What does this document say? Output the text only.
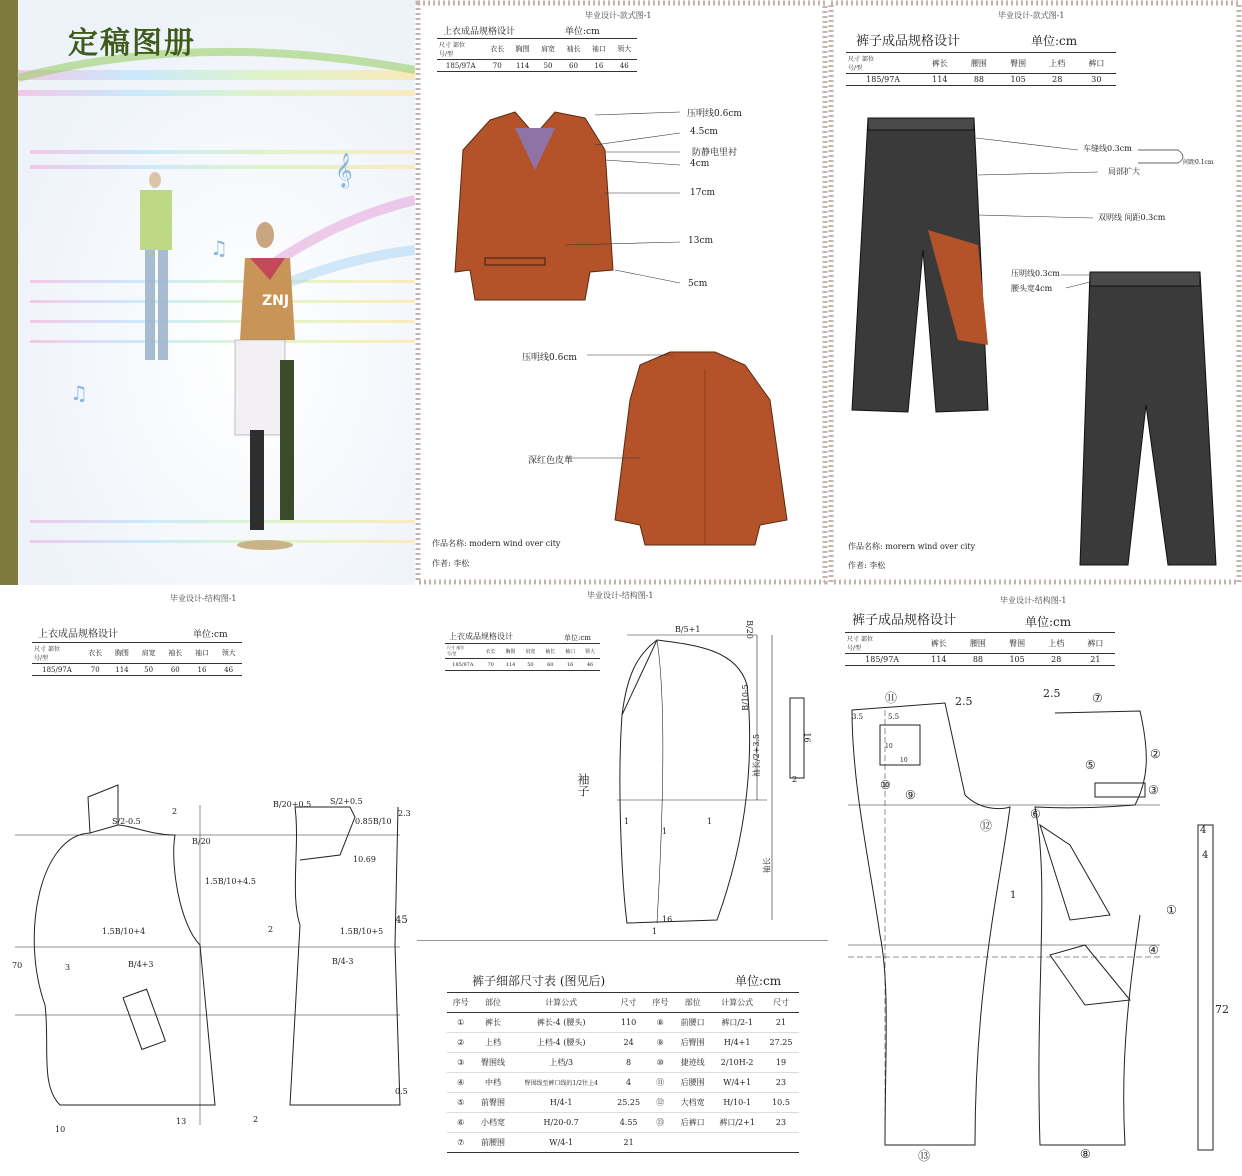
ZNJ
𝄞
♫
♫
定稿图册
毕业设计-款式图-1
上衣成品规格设计	单位:cm
尺寸 部位
号/型	衣长	胸围	肩宽	袖长	袖口	领大
185/97A	70	114	50	60	16	46
压明线0.6cm
4.5cm
防静电里衬
4cm
17cm
13cm
5cm
压明线0.6cm
深红色皮革
作品名称: modern wind over city
作者: 李松
毕业设计-款式图-1
裤子成品规格设计	单位:cm
尺寸 部位
号/型	裤长	腰围	臀围	上档	裤口
185/97A	114	88	105	28	30
车缝线0.3cm
局部扩大
间距0.1cm
双明线 间距0.3cm
压明线0.3cm
腰头宽4cm
作品名称: morern wind over city
作者: 李松
毕业设计-结构图-1
上衣成品规格设计	单位:cm
尺寸 部位
号/型	衣长	胸围	肩宽	袖长	袖口	领大
185/97A	70	114	50	60	16	46
S/2-0.5
2
B/20
B/20+0.5 S/2+0.5
0.85B/10
2.3
10.69
1.5B/10+4.5
1.5B/10+4	1.5B/10+5
45
2
B/4+3	B/4-3
70	3
10
13	2
0.5
毕业设计-结构图-1
上衣成品规格设计	单位:cm
尺寸 部位
号/型	衣长	胸围	肩宽	袖长	袖口	领大
185/97A	70	114	50	60	16	46
袖子
B/5+1	B/20
B/10-5
袖长/2+3.5
袖长
16
2
1
1
1
16
1
裤子细部尺寸表 (图见后)	单位:cm
序号	部位	计算公式	尺寸	序号	部位	计算公式	尺寸
①	裤长	裤长-4 (腰头)	110	⑧	前腰口	裤口/2-1	21
②	上档	上档-4 (腰头)	24	⑨	后臀围	H/4+1	27.25
③	臀围线	上档/3	8	⑩	捷迹线	2/10H-2	19
④	中档	臀围线至裤口线的1/2往上4	4	⑪	后腰围	W/4+1	23
⑤	前臀围	H/4-1	25.25	⑫	大档宽	H/10-1	10.5
⑥	小档宽	H/20-0.7	4.55	⑬	后裤口	裤口/2+1	23
⑦	前腰围	W/4-1	21				
毕业设计-结构图-1
裤子成品规格设计	单位:cm
尺寸 部位
号/型	裤长	腰围	臀围	上档	裤口
185/97A	114	88	105	28	21
⑪	2.5
2.5	⑦
3.5	5.5
10
10	②
⑤
⑩
⑨	③
⑫
⑥
1
①
④
4
4
72
⑬	⑧
